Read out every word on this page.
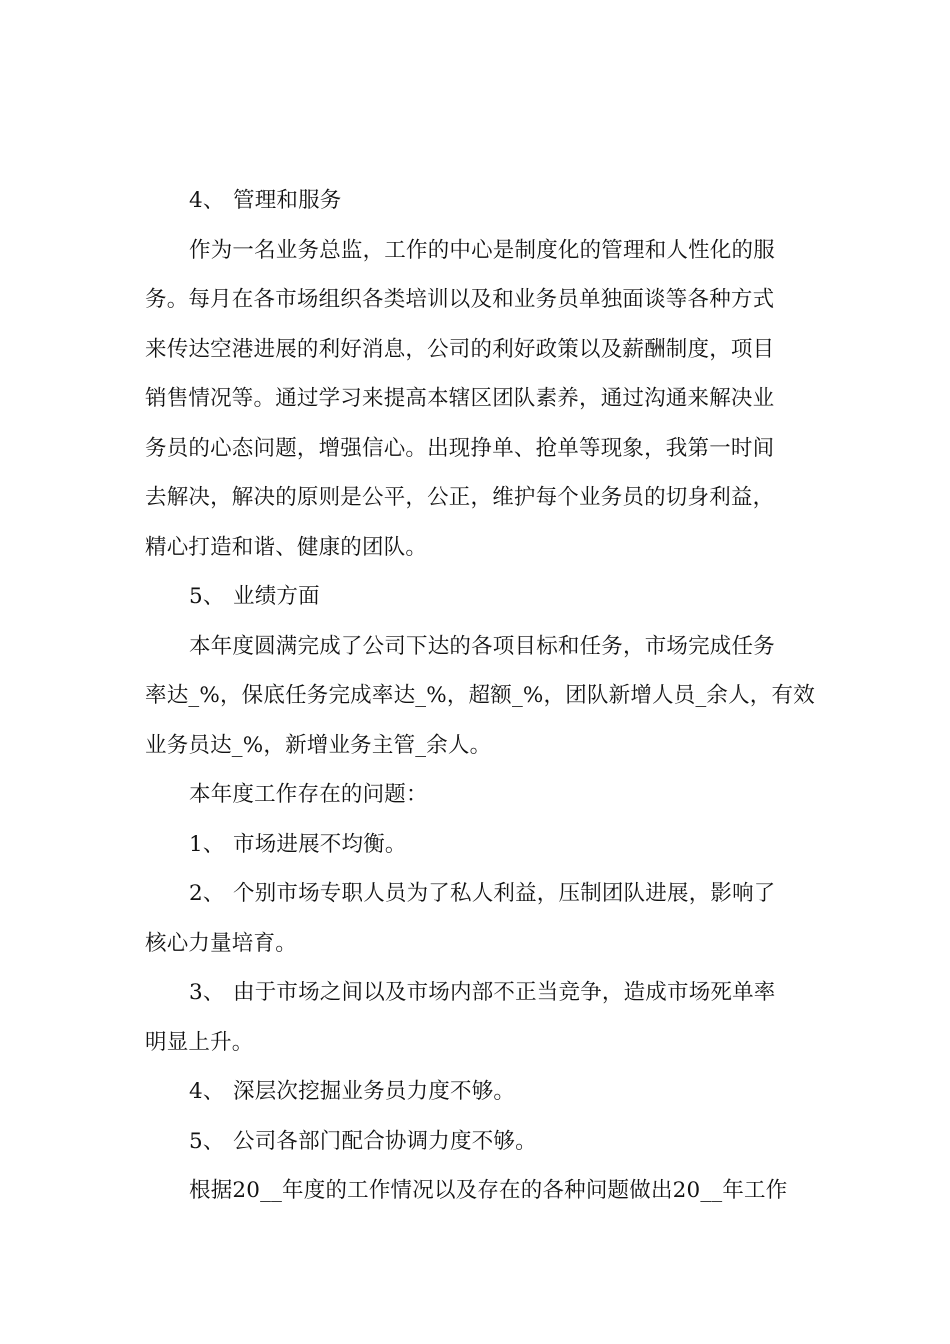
4、 管理和服务
作为一名业务总监，工作的中心是制度化的管理和人性化的服
务。每月在各市场组织各类培训以及和业务员单独面谈等各种方式
来传达空港进展的利好消息，公司的利好政策以及薪酬制度，项目
销售情况等。通过学习来提高本辖区团队素养，通过沟通来解决业
务员的心态问题，增强信心。出现挣单、抢单等现象，我第一时间
去解决，解决的原则是公平，公正，维护每个业务员的切身利益，
精心打造和谐、健康的团队。
5、 业绩方面
本年度圆满完成了公司下达的各项目标和任务，市场完成任务
率达_%，保底任务完成率达_%，超额_%，团队新增人员_余人，有效
业务员达_%，新增业务主管_余人。
本年度工作存在的问题：
1、 市场进展不均衡。
2、 个别市场专职人员为了私人利益，压制团队进展，影响了
核心力量培育。
3、 由于市场之间以及市场内部不正当竞争，造成市场死单率
明显上升。
4、 深层次挖掘业务员力度不够。
5、 公司各部门配合协调力度不够。
根据20__年度的工作情况以及存在的各种问题做出20__年工作
